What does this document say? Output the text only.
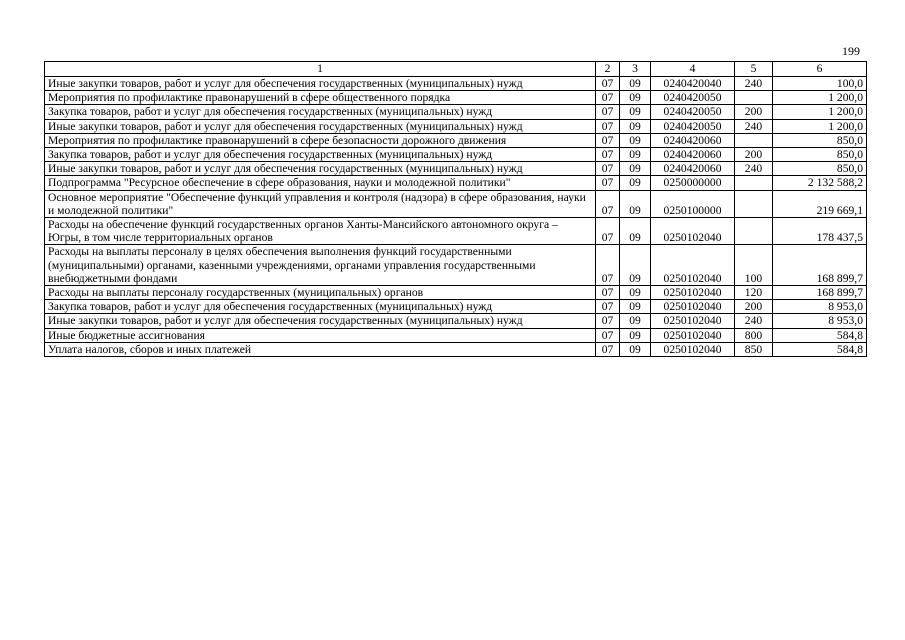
199
1	2	3	4	5	6
Иные закупки товаров, работ и услуг для обеспечения государственных (муниципальных) нужд	07	09	0240420040	240	100,0
Мероприятия по профилактике правонарушений в сфере общественного порядка	07	09	0240420050		1 200,0
Закупка товаров, работ и услуг для обеспечения государственных (муниципальных) нужд	07	09	0240420050	200	1 200,0
Иные закупки товаров, работ и услуг для обеспечения государственных (муниципальных) нужд	07	09	0240420050	240	1 200,0
Мероприятия по профилактике правонарушений в сфере безопасности дорожного движения	07	09	0240420060		850,0
Закупка товаров, работ и услуг для обеспечения государственных (муниципальных) нужд	07	09	0240420060	200	850,0
Иные закупки товаров, работ и услуг для обеспечения государственных (муниципальных) нужд	07	09	0240420060	240	850,0
Подпрограмма "Ресурсное обеспечение в сфере образования, науки и молодежной политики"	07	09	0250000000		2 132 588,2
Основное мероприятие "Обеспечение функций управления и контроля (надзора) в сфере образования, науки и молодежной политики"	07	09	0250100000		219 669,1
Расходы на обеспечение функций государственных органов Ханты-Мансийского автономного округа – Югры, в том числе территориальных органов	07	09	0250102040		178 437,5
Расходы на выплаты персоналу в целях обеспечения выполнения функций государственными (муниципальными) органами, казенными учреждениями, органами управления государственными внебюджетными фондами	07	09	0250102040	100	168 899,7
Расходы на выплаты персоналу государственных (муниципальных) органов	07	09	0250102040	120	168 899,7
Закупка товаров, работ и услуг для обеспечения государственных (муниципальных) нужд	07	09	0250102040	200	8 953,0
Иные закупки товаров, работ и услуг для обеспечения государственных (муниципальных) нужд	07	09	0250102040	240	8 953,0
Иные бюджетные ассигнования	07	09	0250102040	800	584,8
Уплата налогов, сборов и иных платежей	07	09	0250102040	850	584,8
